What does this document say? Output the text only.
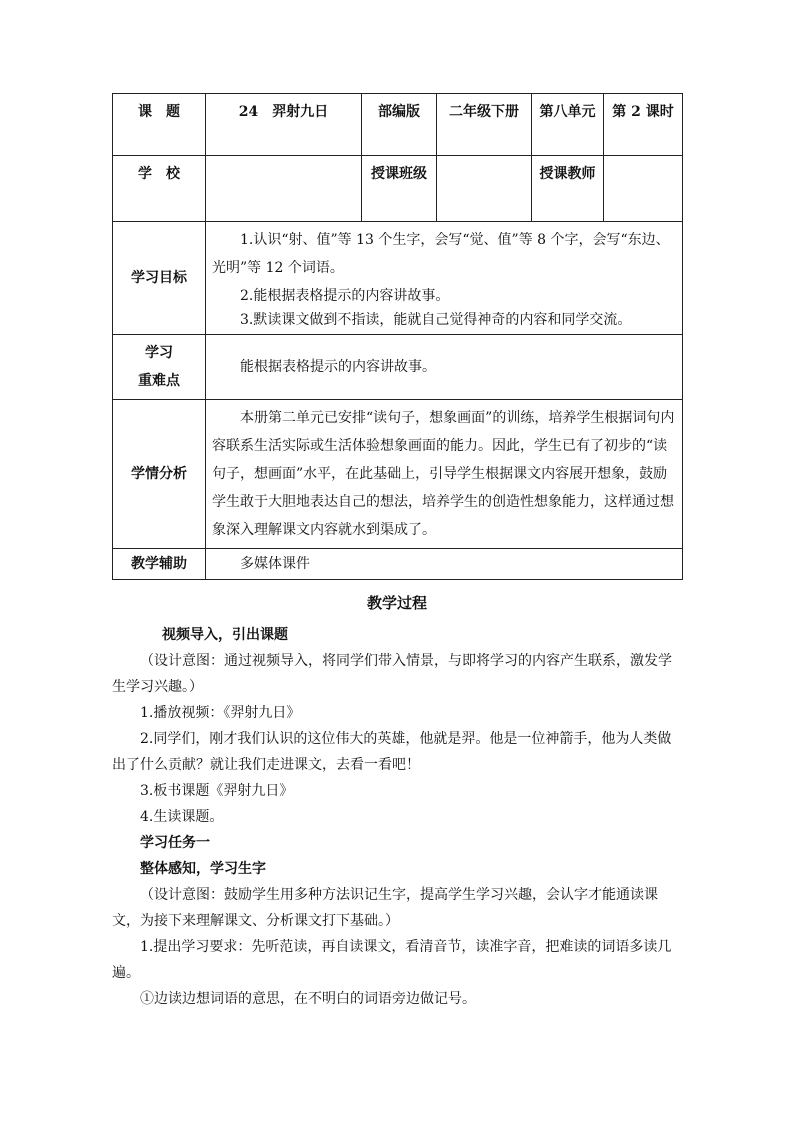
课　题	24　羿射九日	部编版	二年级下册	第八单元	第 2 课时
学　校		授课班级		授课教师	
学习目标	1.认识“射、值”等 13 个生字，会写“觉、值”等 8 个字，会写“东边、光明”等 12 个词语。

2.能根据表格提示的内容讲故事。

3.默读课文做到不指读，能就自己觉得神奇的内容和同学交流。				

学习
重难点	能根据表格提示的内容讲故事。				

学情分析	本册第二单元已安排“读句子，想象画面”的训练，培养学生根据词句内容联系生活实际或生活体验想象画面的能力。因此，学生已有了初步的“读句子，想画面”水平，在此基础上，引导学生根据课文内容展开想象，鼓励学生敢于大胆地表达自己的想法，培养学生的创造性想象能力，这样通过想象深入理解课文内容就水到渠成了。				

教学辅助	多媒体课件				

教学过程

视频导入，引出课题

（设计意图：通过视频导入，将同学们带入情景，与即将学习的内容产生联系，激发学生学习兴趣。）

1.播放视频：《羿射九日》

2.同学们，刚才我们认识的这位伟大的英雄，他就是羿。他是一位神箭手，他为人类做出了什么贡献？就让我们走进课文，去看一看吧！

3.板书课题《羿射九日》

4.生读课题。

学习任务一

整体感知，学习生字

（设计意图：鼓励学生用多种方法识记生字，提高学生学习兴趣，会认字才能通读课文，为接下来理解课文、分析课文打下基础。）

1.提出学习要求：先听范读，再自读课文，看清音节，读准字音，把难读的词语多读几遍。

①边读边想词语的意思，在不明白的词语旁边做记号。
